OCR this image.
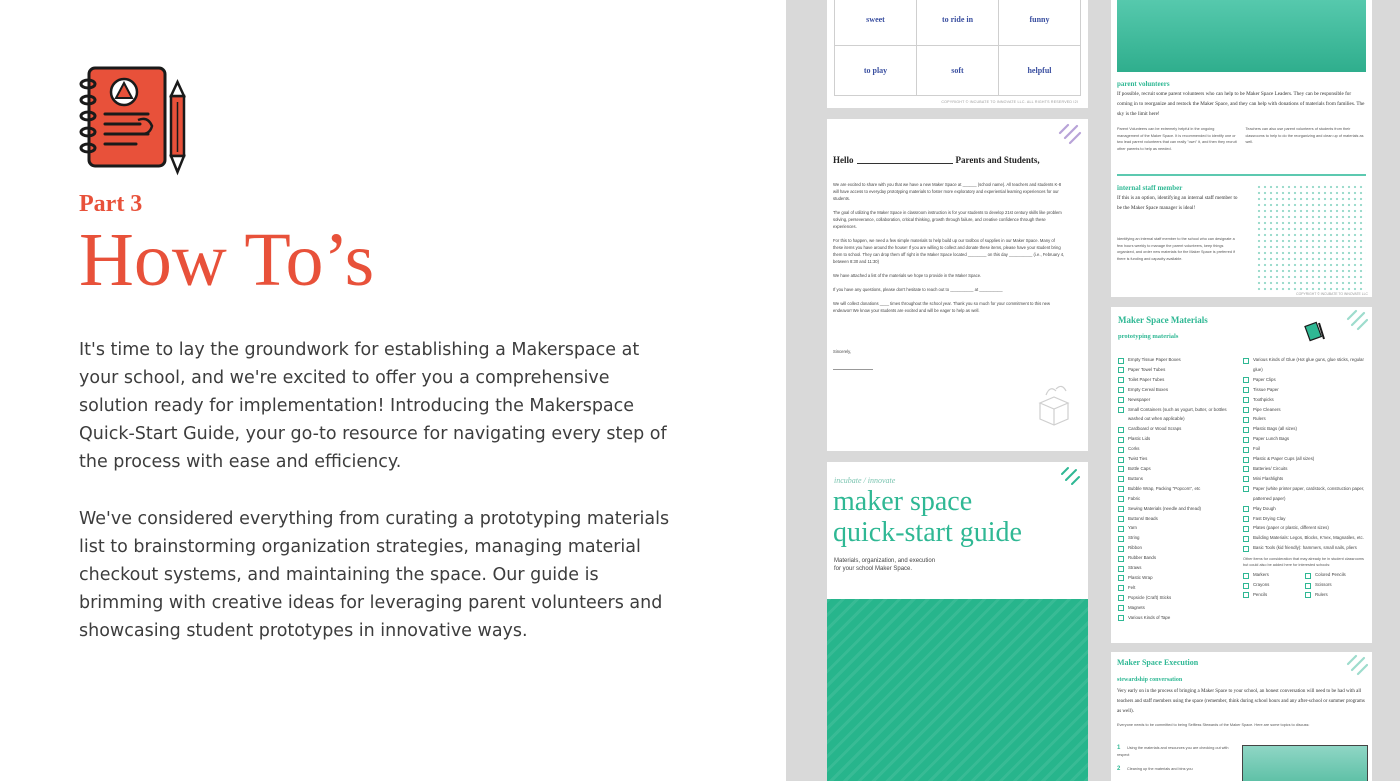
Part 3
How To’s

It's time to lay the groundwork for establishing a Makerspace at your school, and we're excited to offer you a comprehensive solution ready for implementation! Introducing the Makerspace Quick-Start Guide, your go-to resource for navigating every step of the process with ease and efficiency.

We've considered everything from curating a prototyping materials list to brainstorming organization strategies, managing material checkout systems, and maintaining the space. Our guide is brimming with creative ideas for leveraging parent volunteers and showcasing student prototypes in innovative ways.

sweet	to ride in	funny
to play	soft	helpful
COPYRIGHT © INCUBATE TO INNOVATE LLC. ALL RIGHTS RESERVED I2I
Hello	Parents and Students,

We are excited to share with you that we have a new Maker Space at ______ (school name). All teachers and students K-8 will have access to everyday prototyping materials to foster more exploratory and experiential learning experiences for our students.

The goal of utilizing the Maker Space in classroom instruction is for your students to develop 21st century skills like problem solving, perseverance, collaboration, critical thinking, growth through failure, and creative confidence through these experiences.

For this to happen, we need a few simple materials to help build up our toolbox of supplies in our Maker Space. Many of these items you have around the house! If you are willing to collect and donate these items, please have your student bring them to school. They can drop them off right in the Maker Space located ________ on this day __________ (i.e., February 4, between 8:30 and 11:30)

We have attached a list of the materials we hope to provide in the Maker Space.

If you have any questions, please don't hesitate to reach out to __________ at __________

We will collect donations ____ times throughout the school year. Thank you so much for your commitment to this new endeavor! We know your students are excited and will be eager to help as well.

Sincerely,
incubate / innovate
maker space
quick-start guide
Materials, organization, and execution
for your school Maker Space.
parent volunteers
If possible, recruit some parent volunteers who can help to be Maker Space Leaders. They can be responsible for coming in to reorganize and restock the Maker Space, and they can help with donations of materials from families. The sky is the limit here!
Parent Volunteers can be extremely helpful in the ongoing management of the Maker Space. It is recommended to identify one or two lead parent volunteers that can really "own" it, and then they recruit other parents to help as needed.
Teachers can also use parent volunteers of students from their classrooms to help to do the reorganizing and clean up of materials as well.
internal staff member
If this is an option, identifying an internal staff member to be the Maker Space manager is ideal!
Identifying an internal staff member to the school who can designate a few hours weekly to manage the parent volunteers, keep things organized, and order new materials for the Maker Space is preferred if there is funding and capacity available.
COPYRIGHT © INCUBATE TO INNOVATE LLC
Maker Space Materials
prototyping materials
Empty Tissue Paper Boxes
Paper Towel Tubes
Toilet Paper Tubes
Empty Cereal Boxes
Newspaper
Small Containers (such as yogurt, butter, or bottles washed out when applicable)
Cardboard or Wood Scraps
Plastic Lids
Corks
Twist Ties
Bottle Caps
Buttons
Bubble Wrap, Packing "Popcorn", etc
Fabric
Sewing Materials (needle and thread)
Buttons/ Beads
Yarn
String
Ribbon
Rubber Bands
Straws
Plastic Wrap
Felt
Popsicle (Craft) Sticks
Magnets
Various Kinds of Tape
Various Kinds of Glue (Hot glue guns, glue sticks, regular glue)
Paper Clips
Tissue Paper
Toothpicks
Pipe Cleaners
Rulers
Plastic Bags (all sizes)
Paper Lunch Bags
Foil
Plastic & Paper Cups (all sizes)
Batteries/ Circuits
Mini Flashlights
Paper (white printer paper, cardstock, construction paper, patterned paper)
Play Dough
Fast Drying Clay
Plates (paper or plastic, different sizes)
Building Materials: Legos, Blocks, K'nex, Magnatiles, etc.
Basic Tools (kid friendly): hammers, small nails, pliers
Other items for consideration that may already be in student classrooms but could also be added here for interested schools:
Markers
Crayons
Pencils
Colored Pencils
Scissors
Rulers
Maker Space Execution
stewardship conversation
Very early on in the process of bringing a Maker Space to your school, an honest conversation will need to be had with all teachers and staff members using the space (remember, think during school hours and any after-school or summer programs as well).
Everyone needs to be committed to being Selfless Stewards of the Maker Space. Here are some topics to discuss:
1 Using the materials and resources you are checking out with respect
2 Cleaning up the materials and bins you
